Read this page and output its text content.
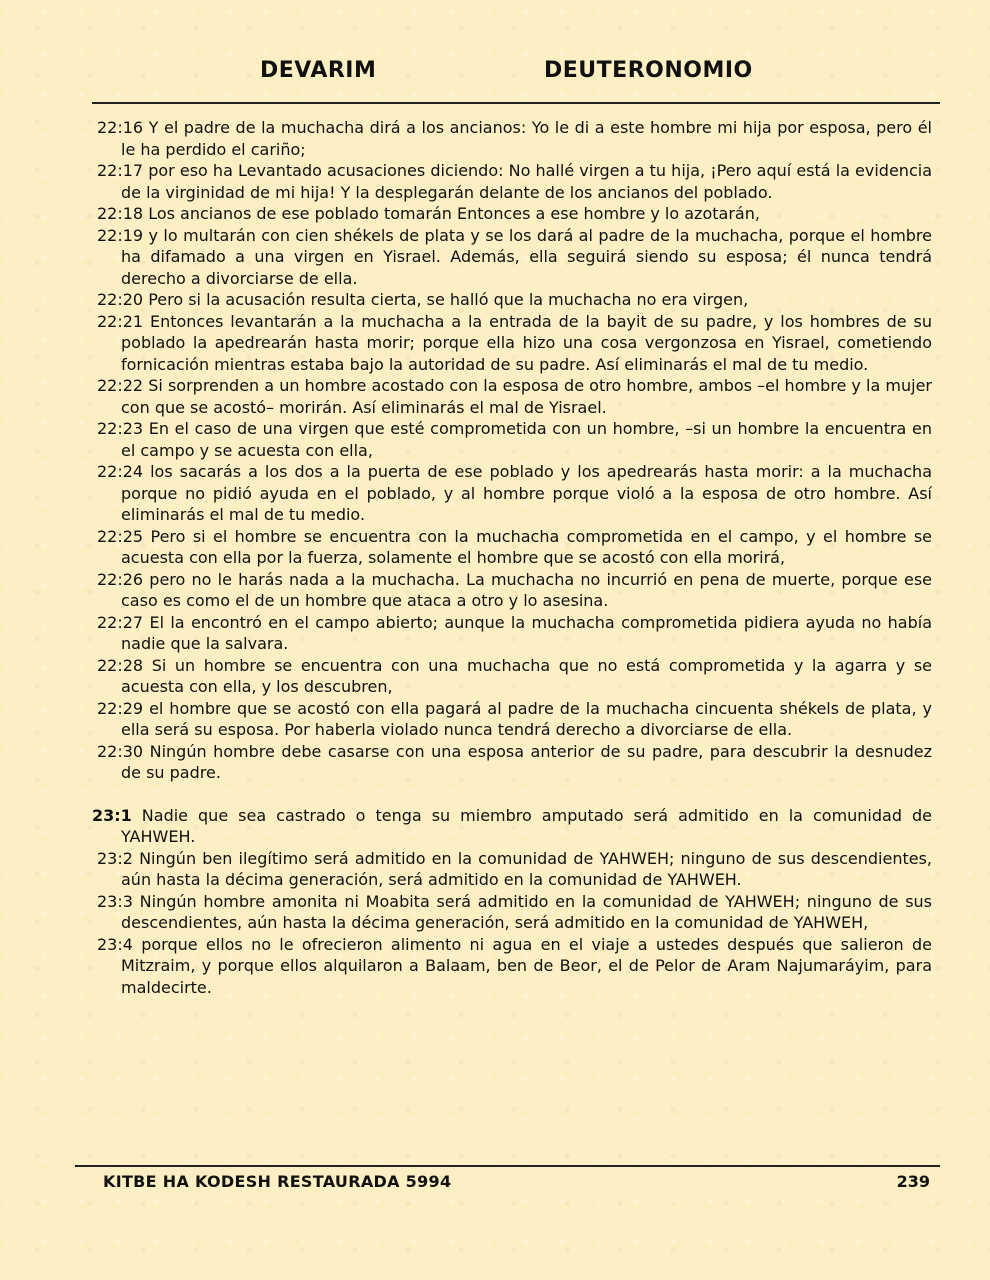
DEVARIM	DEUTERONOMIO
22:16 Y el padre de la muchacha dirá a los ancianos: Yo le di a este hombre mi hija por esposa, pero él le ha perdido el cariño;
22:17 por eso ha Levantado acusaciones diciendo: No hallé virgen a tu hija, ¡Pero aquí está la evidencia de la virginidad de mi hija! Y la desplegarán delante de los ancianos del poblado.
22:18 Los ancianos de ese poblado tomarán Entonces a ese hombre y lo azotarán,
22:19 y lo multarán con cien shékels de plata y se los dará al padre de la muchacha, porque el hombre ha difamado a una virgen en Yisrael. Además, ella seguirá siendo su esposa; él nunca tendrá derecho a divorciarse de ella.
22:20 Pero si la acusación resulta cierta, se halló que la muchacha no era virgen,
22:21 Entonces levantarán a la muchacha a la entrada de la bayit de su padre, y los hombres de su poblado la apedrearán hasta morir; porque ella hizo una cosa vergonzosa en Yisrael, cometiendo fornicación mientras estaba bajo la autoridad de su padre. Así eliminarás el mal de tu medio.
22:22 Si sorprenden a un hombre acostado con la esposa de otro hombre, ambos –el hombre y la mujer con que se acostó– morirán. Así eliminarás el mal de Yisrael.
22:23 En el caso de una virgen que esté comprometida con un hombre, –si un hombre la encuentra en el campo y se acuesta con ella,
22:24 los sacarás a los dos a la puerta de ese poblado y los apedrearás hasta morir: a la muchacha porque no pidió ayuda en el poblado, y al hombre porque violó a la esposa de otro hombre. Así eliminarás el mal de tu medio.
22:25 Pero si el hombre se encuentra con la muchacha comprometida en el campo, y el hombre se acuesta con ella por la fuerza, solamente el hombre que se acostó con ella morirá,
22:26 pero no le harás nada a la muchacha. La muchacha no incurrió en pena de muerte, porque ese caso es como el de un hombre que ataca a otro y lo asesina.
22:27 El la encontró en el campo abierto; aunque la muchacha comprometida pidiera ayuda no había nadie que la salvara.
22:28 Si un hombre se encuentra con una muchacha que no está comprometida y la agarra y se acuesta con ella, y los descubren,
22:29 el hombre que se acostó con ella pagará al padre de la muchacha cincuenta shékels de plata, y ella será su esposa. Por haberla violado nunca tendrá derecho a divorciarse de ella.
22:30 Ningún hombre debe casarse con una esposa anterior de su padre, para descubrir la desnudez de su padre.
23:1 Nadie que sea castrado o tenga su miembro amputado será admitido en la comunidad de YAHWEH.
23:2 Ningún ben ilegítimo será admitido en la comunidad de YAHWEH; ninguno de sus descendientes, aún hasta la décima generación, será admitido en la comunidad de YAHWEH.
23:3 Ningún hombre amonita ni Moabita será admitido en la comunidad de YAHWEH; ninguno de sus descendientes, aún hasta la décima generación, será admitido en la comunidad de YAHWEH,
23:4 porque ellos no le ofrecieron alimento ni agua en el viaje a ustedes después que salieron de Mitzraim, y porque ellos alquilaron a Balaam, ben de Beor, el de Pelor de Aram Najumaráyim, para maldecirte.
KITBE HA KODESH RESTAURADA 5994	239
